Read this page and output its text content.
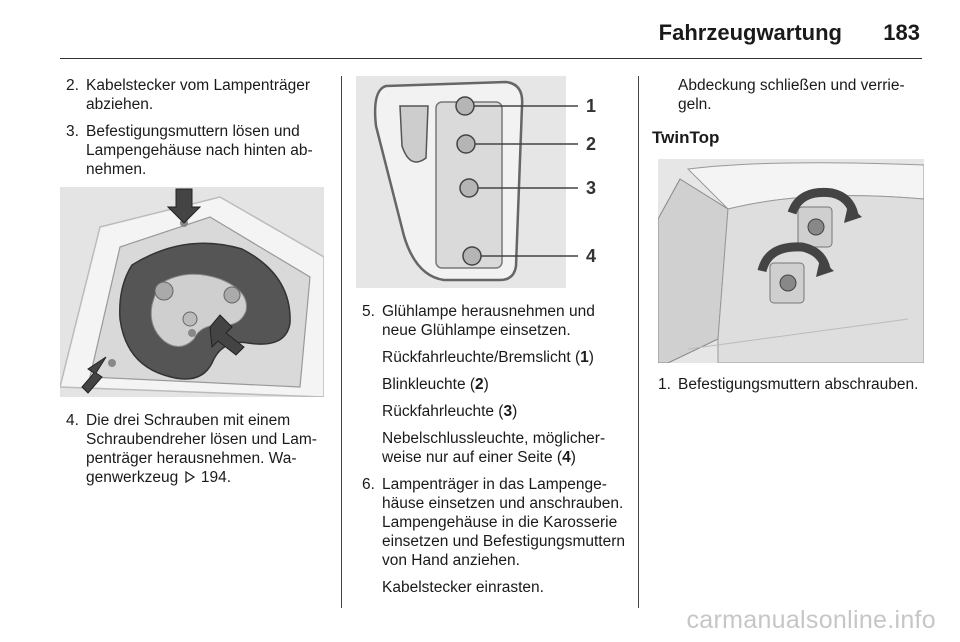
Fahrzeugwartung 183
2. Kabelstecker vom Lampenträger abziehen.
3. Befestigungsmuttern lösen und Lampengehäuse nach hinten abnehmen.
4. Die drei Schrauben mit einem Schraubendreher lösen und Lampenträger herausnehmen. Wagenwerkzeug 194.
1
2
3
4
5. Glühlampe herausnehmen und neue Glühlampe einsetzen.

Rückfahrleuchte/Bremslicht (1)

Blinkleuchte (2)

Rückfahrleuchte (3)

Nebelschlussleuchte, möglicherweise nur auf einer Seite (4)

6. Lampenträger in das Lampengehäuse einsetzen und anschrauben. Lampengehäuse in die Karosserie einsetzen und Befestigungsmuttern von Hand anziehen.

Kabelstecker einrasten.

Abdeckung schließen und verriegeln.

TwinTop
1. Befestigungsmuttern abschrauben.
carmanualsonline.info
